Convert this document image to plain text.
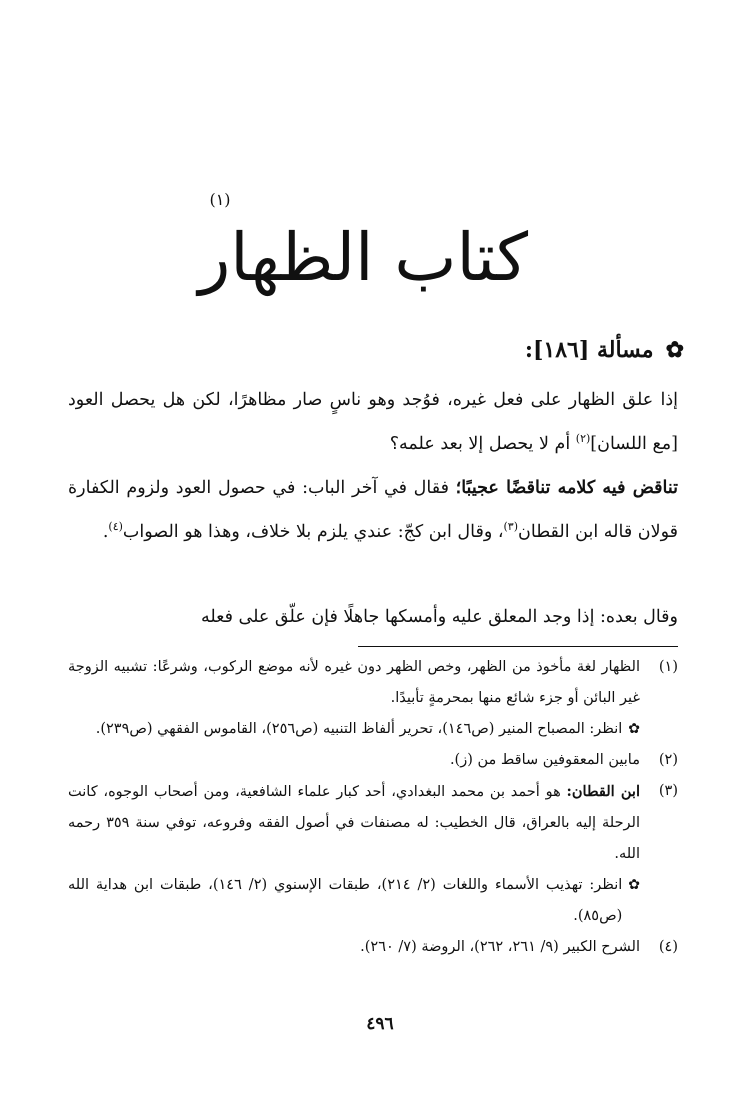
(١)
كتاب الظهار
✿
مسألة [١٨٦]:
إذا علق الظهار على فعل غيره، فوُجد وهو ناسٍ صار مظاهرًا، لكن هل يحصل العود [مع اللسان]$^{(٢)}$ أم لا يحصل إلا بعد علمه؟
تناقض فيه كلامه تناقضًا عجيبًا؛ فقال في آخر الباب: في حصول العود ولزوم الكفارة قولان قاله ابن القطان$^{(٣)}$، وقال ابن كجّ: عندي يلزم بلا خلاف، وهذا هو الصواب$^{(٤)}$.
وقال بعده: إذا وجد المعلق عليه وأمسكها جاهلًا فإن علّق على فعله
(١)
الظهار لغة مأخوذ من الظهر، وخص الظهر دون غيره لأنه موضع الركوب، وشرعًا: تشبيه الزوجة غير البائن أو جزء شائع منها بمحرمةٍ تأبيدًا.
✿
انظر: المصباح المنير (ص١٤٦)، تحرير ألفاظ التنبيه (ص٢٥٦)، القاموس الفقهي (ص٢٣٩).
(٢)
مابين المعقوفين ساقط من (ز).
(٣)
ابن القطان: هو أحمد بن محمد البغدادي، أحد كبار علماء الشافعية، ومن أصحاب الوجوه، كانت الرحلة إليه بالعراق، قال الخطيب: له مصنفات في أصول الفقه وفروعه، توفي سنة ٣٥٩ رحمه الله.
✿
انظر: تهذيب الأسماء واللغات (٢/ ٢١٤)، طبقات الإسنوي (٢/ ١٤٦)، طبقات ابن هداية الله (ص٨٥).
(٤)
الشرح الكبير (٩/ ٢٦١، ٢٦٢)، الروضة (٧/ ٢٦٠).
٤٩٦
